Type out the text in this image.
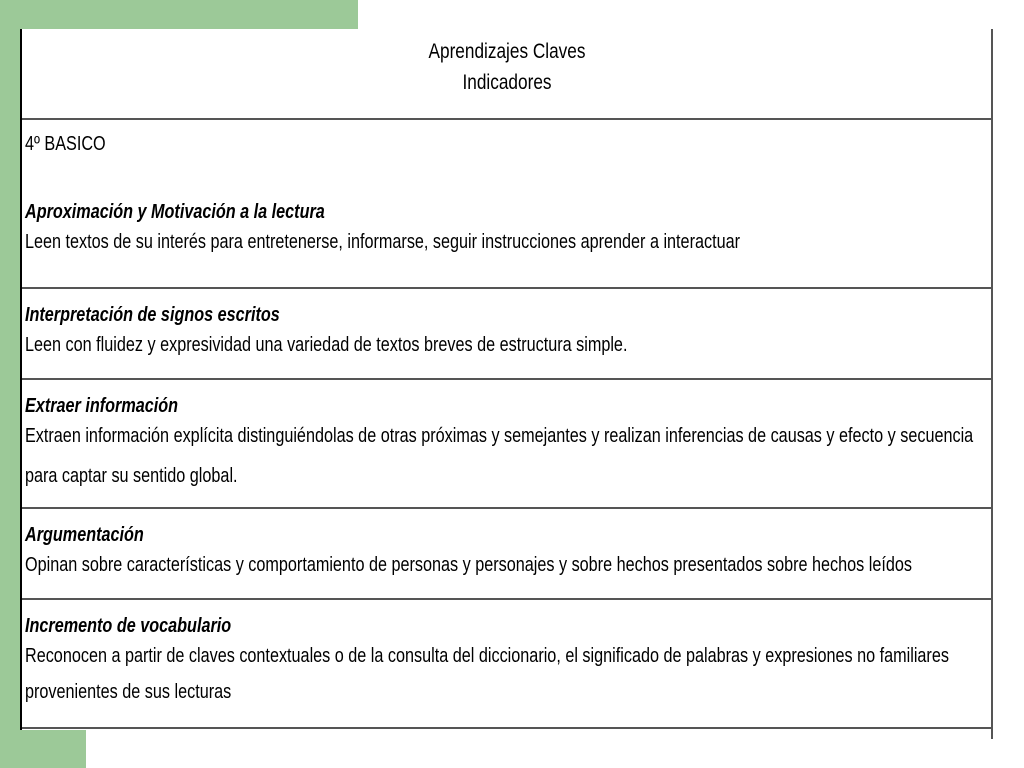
Aprendizajes Claves
Indicadores
4º BASICO
Aproximación y Motivación a la lectura
Leen textos de su interés para entretenerse, informarse, seguir instrucciones aprender a interactuar
Interpretación de signos escritos
Leen con fluidez y expresividad una variedad de textos breves de estructura simple.
Extraer información
Extraen información explícita distinguiéndolas de otras próximas y semejantes y realizan inferencias de causas y efecto y secuencia
para captar su sentido global.
Argumentación
Opinan sobre características y comportamiento de personas y personajes y sobre hechos presentados sobre hechos leídos
Incremento de vocabulario
Reconocen a partir de claves contextuales o de la consulta del diccionario, el significado de palabras y expresiones no familiares
provenientes de sus lecturas
